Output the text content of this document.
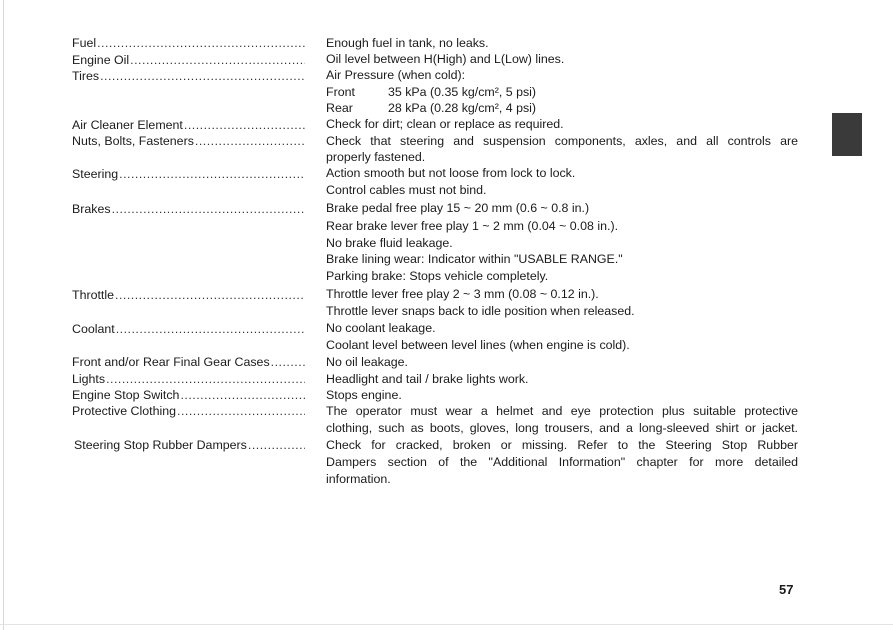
Fuel
.....
Engine Oil
.....
Tires
.....
Air Cleaner Element
.....
Nuts, Bolts, Fasteners
.....
Steering
.....
Brakes
.....
Throttle
.....
Coolant
.....
Front and/or Rear Final Gear Cases
.....
Lights
.....
Engine Stop Switch
.....
Protective Clothing
.....
Steering Stop Rubber Dampers
.....
Enough fuel in tank, no leaks.
Oil level between H(High) and L(Low) lines.
Air Pressure (when cold):
Front	35 kPa (0.35 kg/cm², 5 psi)
Rear	28 kPa (0.28 kg/cm², 4 psi)
Check for dirt; clean or replace as required.
Check that steering and suspension components, axles, and all controls are
properly fastened.
Action smooth but not loose from lock to lock.
Control cables must not bind.
Brake pedal free play 15 ~ 20 mm (0.6 ~ 0.8 in.)
Rear brake lever free play 1 ~ 2 mm (0.04 ~ 0.08 in.).
No brake fluid leakage.
Brake lining wear: Indicator within "USABLE RANGE."
Parking brake: Stops vehicle completely.
Throttle lever free play 2 ~ 3 mm (0.08 ~ 0.12 in.).
Throttle lever snaps back to idle position when released.
No coolant leakage.
Coolant level between level lines (when engine is cold).
No oil leakage.
Headlight and tail / brake lights work.
Stops engine.
The operator must wear a helmet and eye protection plus suitable protective
clothing, such as boots, gloves, long trousers, and a long-sleeved shirt or jacket.
Check for cracked, broken or missing. Refer to the Steering Stop Rubber
Dampers section of the "Additional Information" chapter for more detailed
information.
57
